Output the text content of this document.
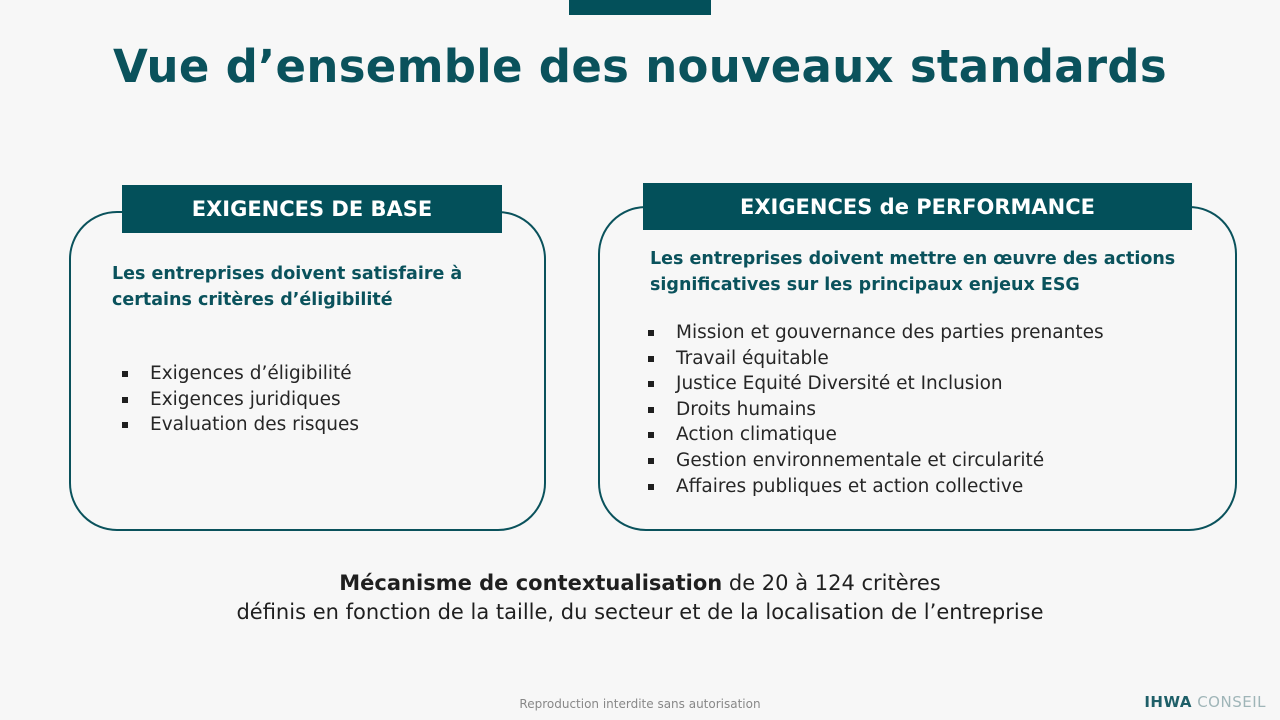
Vue d’ensemble des nouveaux standards
EXIGENCES DE BASE
Les entreprises doivent satisfaire à certains critères d’éligibilité
Exigences d’éligibilité
Exigences juridiques
Evaluation des risques
EXIGENCES de PERFORMANCE
Les entreprises doivent mettre en œuvre des actions significatives sur les principaux enjeux ESG
Mission et gouvernance des parties prenantes
Travail équitable
Justice Equité Diversité et Inclusion
Droits humains
Action climatique
Gestion environnementale et circularité
Affaires publiques et action collective
Mécanisme de contextualisation de 20 à 124 critères
définis en fonction de la taille, du secteur et de la localisation de l’entreprise
Reproduction interdite sans autorisation	IHWA CONSEIL
